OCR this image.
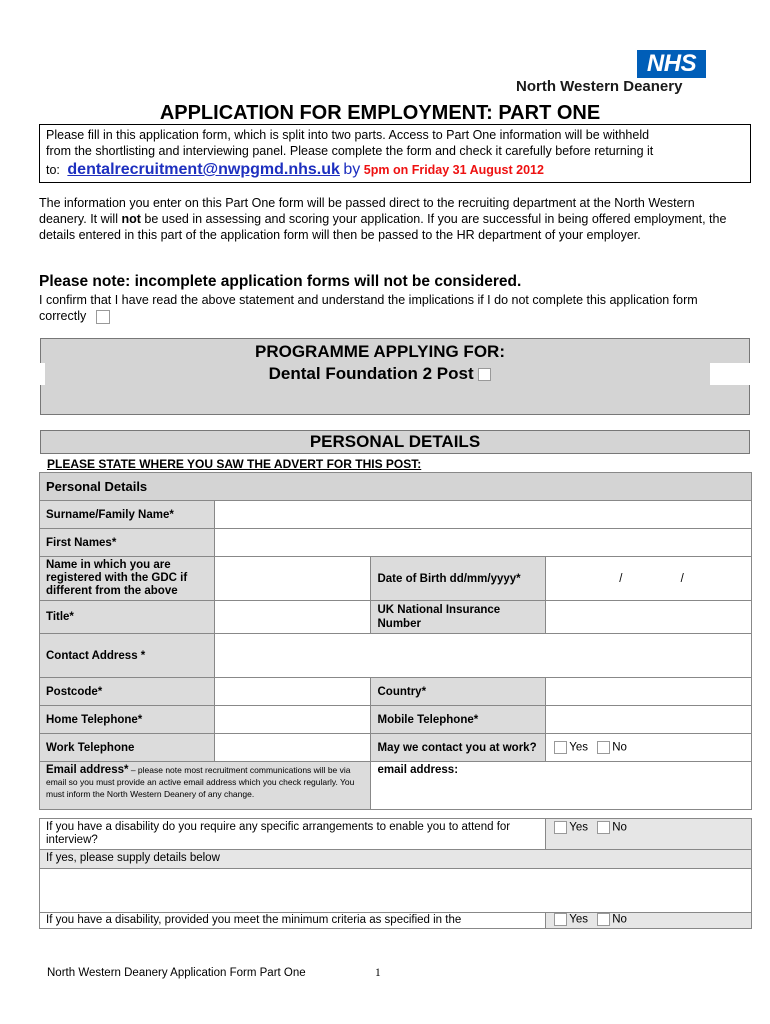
NHS
North Western Deanery
APPLICATION FOR EMPLOYMENT: PART ONE
Please fill in this application form, which is split into two parts. Access to Part One information will be withheld
from the shortlisting and interviewing panel. Please complete the form and check it carefully before returning it
to: dentalrecruitment@nwpgmd.nhs.uk by 5pm on Friday 31 August 2012
The information you enter on this Part One form will be passed direct to the recruiting department at the North Western deanery. It will not be used in assessing and scoring your application. If you are successful in being offered employment, the details entered in this part of the application form will then be passed to the HR department of your employer.
Please note: incomplete application forms will not be considered.
I confirm that I have read the above statement and understand the implications if I do not complete this application form correctly
PROGRAMME APPLYING FOR:
Dental Foundation 2 Post
PERSONAL DETAILS
PLEASE STATE WHERE YOU SAW THE ADVERT FOR THIS POST:
Personal Details			
Surname/Family Name*			
First Names*			
Name in which you are registered with the GDC if different from the above		Date of Birth dd/mm/yyyy*	/ /
Title*		UK National Insurance Number	
Contact Address *			
Postcode*		Country*	
Home Telephone*		Mobile Telephone*	
Work Telephone		May we contact you at work?	Yes No
Email address* – please note most recruitment communications will be via email so you must provide an active email address which you check regularly. You must inform the North Western Deanery of any change.		email address:	
If you have a disability do you require any specific arrangements to enable you to attend for interview?	Yes No
If yes, please supply details below	

If you have a disability, provided you meet the minimum criteria as specified in the	Yes No
North Western Deanery Application Form Part One	1
